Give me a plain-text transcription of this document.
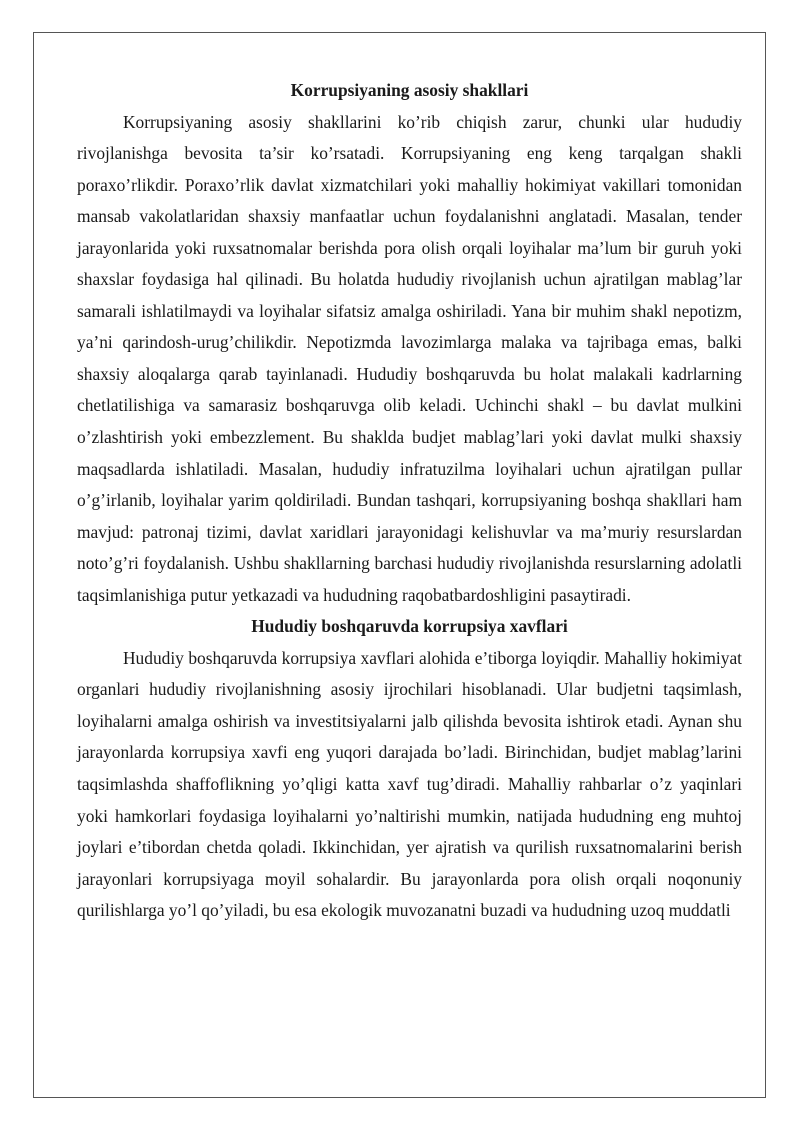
Korrupsiyaning asosiy shakllari

Korrupsiyaning asosiy shakllarini ko’rib chiqish zarur, chunki ular hududiy rivojlanishga bevosita ta’sir ko’rsatadi. Korrupsiyaning eng keng tarqalgan shakli poraxo’rlikdir. Poraxo’rlik davlat xizmatchilari yoki mahalliy hokimiyat vakillari tomonidan mansab vakolatlaridan shaxsiy manfaatlar uchun foydalanishni anglatadi. Masalan, tender jarayonlarida yoki ruxsatnomalar berishda pora olish orqali loyihalar ma’lum bir guruh yoki shaxslar foydasiga hal qilinadi. Bu holatda hududiy rivojlanish uchun ajratilgan mablag’lar samarali ishlatilmaydi va loyihalar sifatsiz amalga oshiriladi. Yana bir muhim shakl nepotizm, ya’ni qarindosh-urug’chilikdir. Nepotizmda lavozimlarga malaka va tajribaga emas, balki shaxsiy aloqalarga qarab tayinlanadi. Hududiy boshqaruvda bu holat malakali kadrlarning chetlatilishiga va samarasiz boshqaruvga olib keladi. Uchinchi shakl – bu davlat mulkini o’zlashtirish yoki embezzlement. Bu shaklda budjet mablag’lari yoki davlat mulki shaxsiy maqsadlarda ishlatiladi. Masalan, hududiy infratuzilma loyihalari uchun ajratilgan pullar o’g’irlanib, loyihalar yarim qoldiriladi. Bundan tashqari, korrupsiyaning boshqa shakllari ham mavjud: patronaj tizimi, davlat xaridlari jarayonidagi kelishuvlar va ma’muriy resurslardan noto’g’ri foydalanish. Ushbu shakllarning barchasi hududiy rivojlanishda resurslarning adolatli taqsimlanishiga putur yetkazadi va hududning raqobatbardoshligini pasaytiradi.

Hududiy boshqaruvda korrupsiya xavflari

Hududiy boshqaruvda korrupsiya xavflari alohida e’tiborga loyiqdir. Mahalliy hokimiyat organlari hududiy rivojlanishning asosiy ijrochilari hisoblanadi. Ular budjetni taqsimlash, loyihalarni amalga oshirish va investitsiyalarni jalb qilishda bevosita ishtirok etadi. Aynan shu jarayonlarda korrupsiya xavfi eng yuqori darajada bo’ladi. Birinchidan, budjet mablag’larini taqsimlashda shaffoflikning yo’qligi katta xavf tug’diradi. Mahalliy rahbarlar o’z yaqinlari yoki hamkorlari foydasiga loyihalarni yo’naltirishi mumkin, natijada hududning eng muhtoj joylari e’tibordan chetda qoladi. Ikkinchidan, yer ajratish va qurilish ruxsatnomalarini berish jarayonlari korrupsiyaga moyil sohalardir. Bu jarayonlarda pora olish orqali noqonuniy qurilishlarga yo’l qo’yiladi, bu esa ekologik muvozanatni buzadi va hududning uzoq muddatli
